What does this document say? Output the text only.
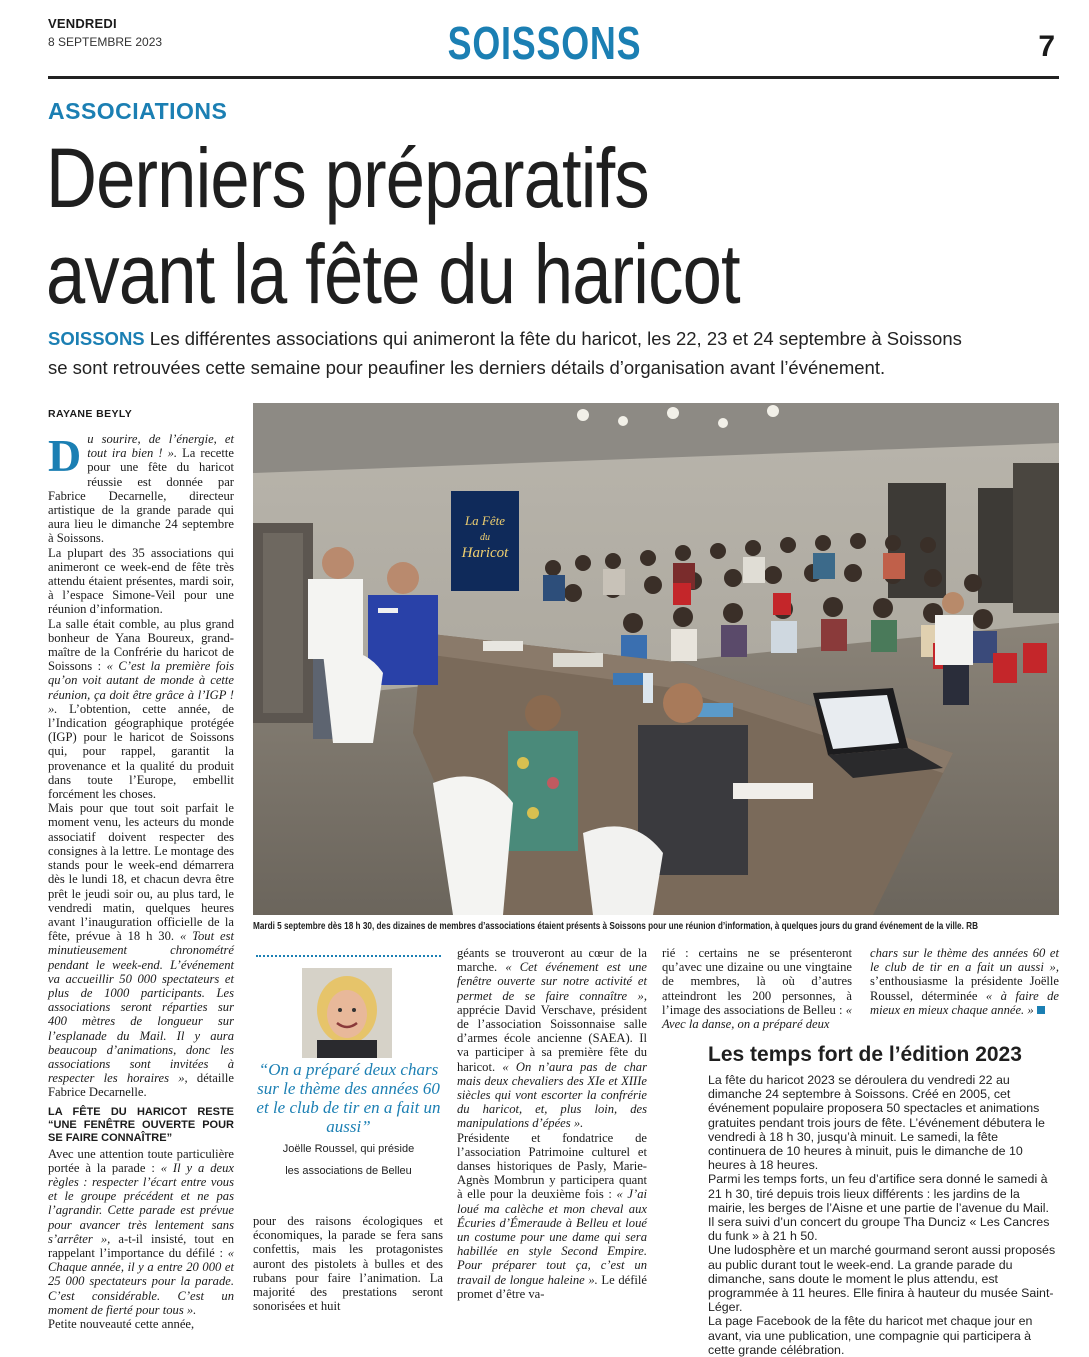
VENDREDI
8 SEPTEMBRE 2023	SOISSONS	7
ASSOCIATIONS
Derniers préparatifs
avant la fête du haricot
SOISSONS Les différentes associations qui animeront la fête du haricot, les 22, 23 et 24 septembre à Soissons se sont retrouvées cette semaine pour peaufiner les derniers détails d’organisation avant l’événement.
RAYANE BEYLY

Du sourire, de l’énergie, et tout ira bien ! ». La recette pour une fête du haricot réussie est donnée par Fabrice Decarnelle, directeur artistique de la grande parade qui aura lieu le dimanche 24 septembre à Soissons.

La plupart des 35 associations qui animeront ce week-end de fête très attendu étaient présentes, mardi soir, à l’espace Simone-Veil pour une réunion d’information.

La salle était comble, au plus grand bonheur de Yana Boureux, grand-maître de la Confrérie du haricot de Soissons : « C’est la première fois qu’on voit autant de monde à cette réunion, ça doit être grâce à l’IGP ! ». L’obtention, cette année, de l’Indication géographique protégée (IGP) pour le haricot de Soissons qui, pour rappel, garantit la provenance et la qualité du produit dans toute l’Europe, embellit forcément les choses.

Mais pour que tout soit parfait le moment venu, les acteurs du monde associatif doivent respecter des consignes à la lettre. Le montage des stands pour le week-end démarrera dès le lundi 18, et chacun devra être prêt le jeudi soir ou, au plus tard, le vendredi matin, quelques heures avant l’inauguration officielle de la fête, prévue à 18 h 30. « Tout est minutieusement chronométré pendant le week-end. L’événement va accueillir 50 000 spectateurs et plus de 1000 participants. Les associations seront réparties sur 400 mètres de longueur sur l’esplanade du Mail. Il y aura beaucoup d’animations, donc les associations sont invitées à respecter les horaires », détaille Fabrice Decarnelle.

LA FÊTE DU HARICOT RESTE “UNE FENÊTRE OUVERTE POUR SE FAIRE CONNAÎTRE”

Avec une attention toute particulière portée à la parade : « Il y a deux règles : respecter l’écart entre vous et le groupe précédent et ne pas l’agrandir. Cette parade est prévue pour avancer très lentement sans s’arrêter », a-t-il insisté, tout en rappelant l’importance du défilé : « Chaque année, il y a entre 20 000 et 25 000 spectateurs pour la parade. C’est considérable. C’est un moment de fierté pour tous ».

Petite nouveauté cette année,

La Fête
du
Haricot
Mardi 5 septembre dès 18 h 30, des dizaines de membres d’associations étaient présents à Soissons pour une réunion d’information, à quelques jours du grand événement de la ville. RB
“On a préparé deux chars sur le thème des années 60 et le club de tir en a fait un aussi”
Joëlle Roussel, qui préside
les associations de Belleu

pour des raisons écologiques et économiques, la parade se fera sans confettis, mais les protagonistes auront des pistolets à bulles et des rubans pour faire l’animation. La majorité des prestations seront sonorisées et huit

géants se trouveront au cœur de la marche. « Cet événement est une fenêtre ouverte sur notre activité et permet de se faire connaître », apprécie David Verschave, président de l’association Soissonnaise salle d’armes école ancienne (SAEA). Il va participer à sa première fête du haricot. « On n’aura pas de char mais deux chevaliers des XIe et XIIIe siècles qui vont escorter la confrérie du haricot, et, plus loin, des manipulations d’épées ».

Présidente et fondatrice de l’association Patrimoine culturel et danses historiques de Pasly, Marie-Agnès Mombrun y participera quant à elle pour la deuxième fois : « J’ai loué ma calèche et mon cheval aux Écuries d’Émeraude à Belleu et loué un costume pour une dame qui sera habillée en style Second Empire. Pour préparer tout ça, c’est un travail de longue haleine ». Le défilé promet d’être va-

rié : certains ne se présenteront qu’avec une dizaine ou une vingtaine de membres, là où d’autres atteindront les 200 personnes, à l’image des associations de Belleu : « Avec la danse, on a préparé deux

chars sur le thème des années 60 et le club de tir en a fait un aussi », s’enthousiasme la présidente Joëlle Roussel, déterminée « à faire de mieux en mieux chaque année. »

Les temps fort de l’édition 2023

La fête du haricot 2023 se déroulera du vendredi 22 au dimanche 24 septembre à Soissons. Créé en 2005, cet événement populaire proposera 50 spectacles et animations gratuites pendant trois jours de fête. L’événement débutera le vendredi à 18 h 30, jusqu’à minuit. Le samedi, la fête continuera de 10 heures à minuit, puis le dimanche de 10 heures à 18 heures.

Parmi les temps forts, un feu d’artifice sera donné le samedi à 21 h 30, tiré depuis trois lieux différents : les jardins de la mairie, les berges de l’Aisne et une partie de l’avenue du Mail. Il sera suivi d’un concert du groupe Tha Dunciz « Les Cancres du funk » à 21 h 50.

Une ludosphère et un marché gourmand seront aussi proposés au public durant tout le week-end. La grande parade du dimanche, sans doute le moment le plus attendu, est programmée à 11 heures. Elle finira à hauteur du musée Saint-Léger.

La page Facebook de la fête du haricot met chaque jour en avant, via une publication, une compagnie qui participera à cette grande célébration.
